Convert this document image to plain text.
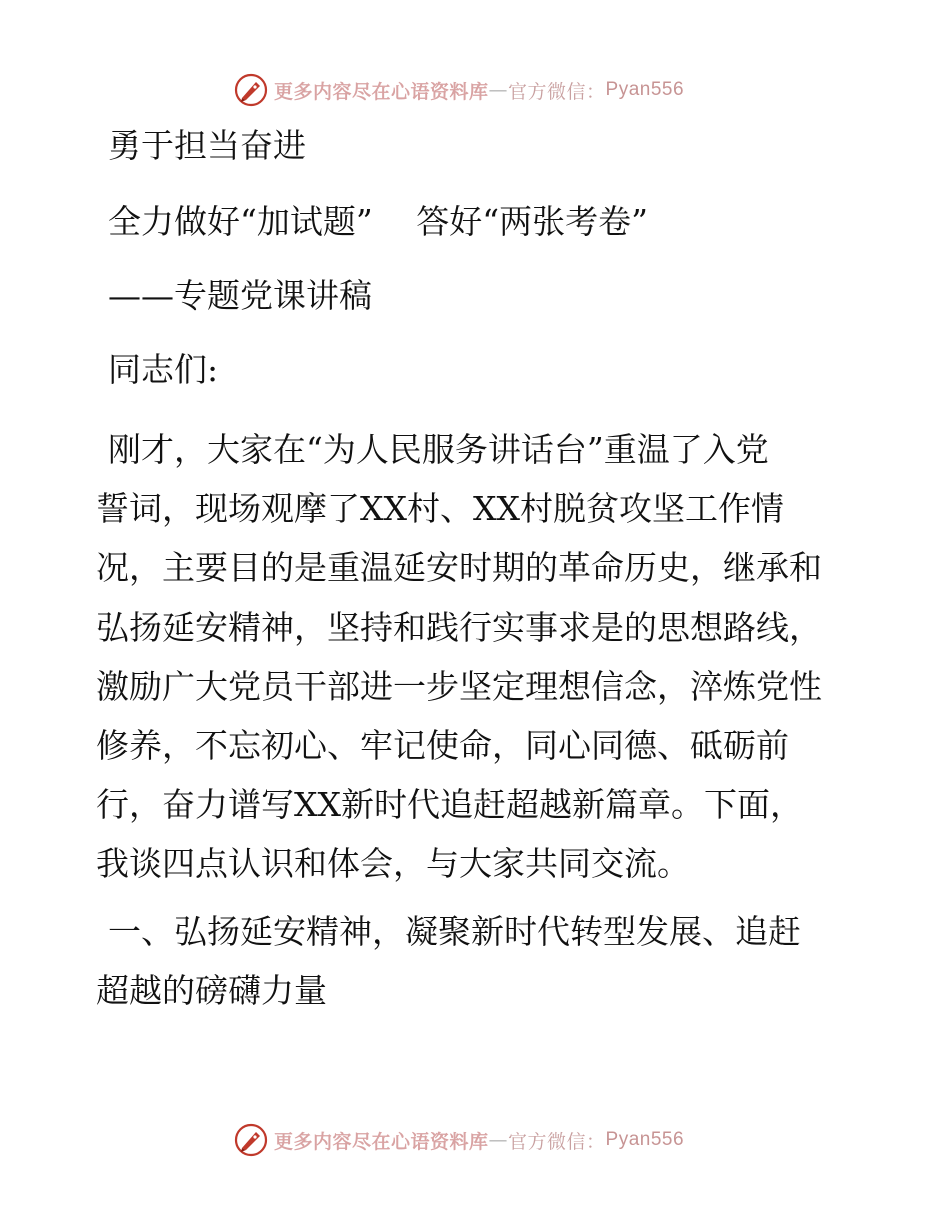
更多内容尽在心语资料库 — 官方微信： Pyan556
勇于担当奋进
全力做好“加试题”　 答好“两张考卷”
——专题党课讲稿
同志们:
刚才，大家在“为人民服务讲话台”重温了入党
誓词，现场观摩了XX村、XX村脱贫攻坚工作情
况，主要目的是重温延安时期的革命历史，继承和
弘扬延安精神，坚持和践行实事求是的思想路线，
激励广大党员干部进一步坚定理想信念，淬炼党性
修养，不忘初心、牢记使命，同心同德、砥砺前
行，奋力谱写XX新时代追赶超越新篇章。下面，
我谈四点认识和体会，与大家共同交流。
一、弘扬延安精神，凝聚新时代转型发展、追赶
超越的磅礴力量
更多内容尽在心语资料库 — 官方微信： Pyan556
